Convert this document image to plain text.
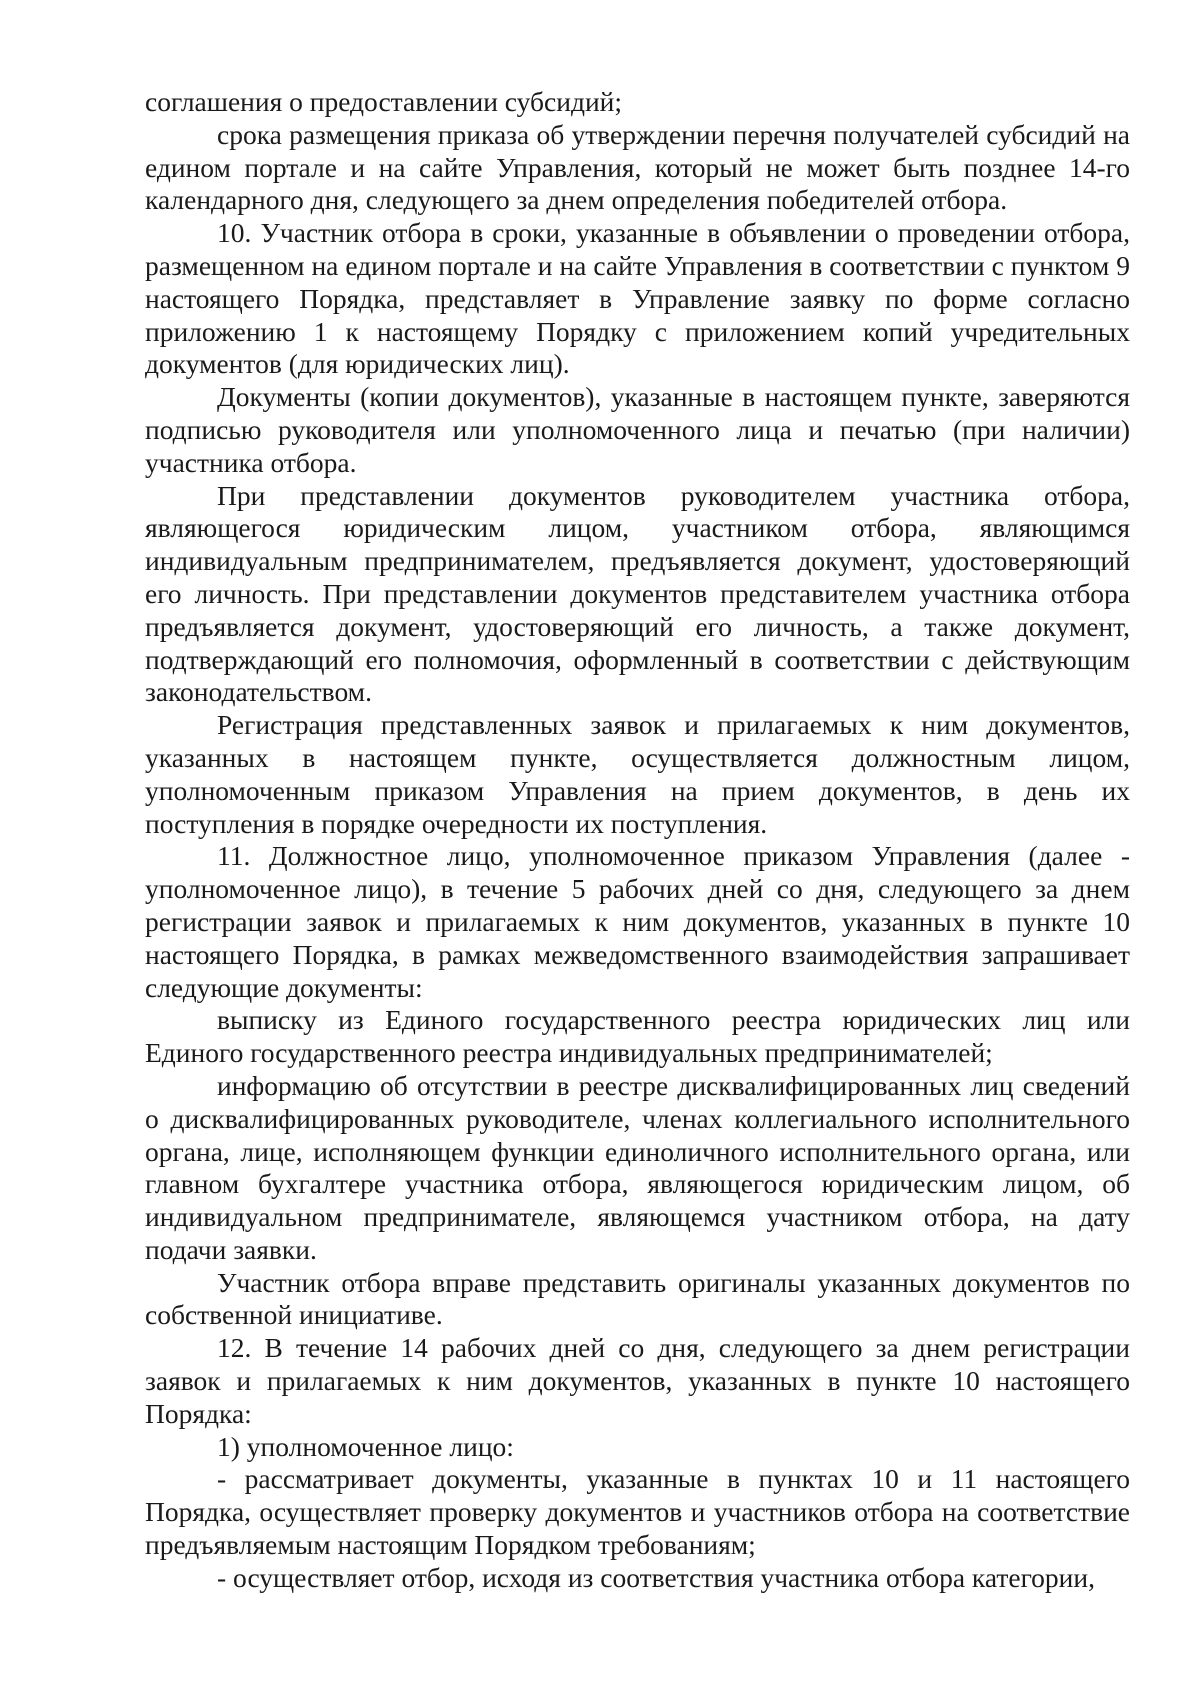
соглашения о предоставлении субсидий;

срока размещения приказа об утверждении перечня получателей субсидий на едином портале и на сайте Управления, который не может быть позднее 14-го календарного дня, следующего за днем определения победителей отбора.

10. Участник отбора в сроки, указанные в объявлении о проведении отбора, размещенном на едином портале и на сайте Управления в соответствии с пунктом 9 настоящего Порядка, представляет в Управление заявку по форме согласно приложению 1 к настоящему Порядку с приложением копий учредительных документов (для юридических лиц).

Документы (копии документов), указанные в настоящем пункте, заверяются подписью руководителя или уполномоченного лица и печатью (при наличии) участника отбора.

При представлении документов руководителем участника отбора, являющегося юридическим лицом, участником отбора, являющимся индивидуальным предпринимателем, предъявляется документ, удостоверяющий его личность. При представлении документов представителем участника отбора предъявляется документ, удостоверяющий его личность, а также документ, подтверждающий его полномочия, оформленный в соответствии с действующим законодательством.

Регистрация представленных заявок и прилагаемых к ним документов, указанных в настоящем пункте, осуществляется должностным лицом, уполномоченным приказом Управления на прием документов, в день их поступления в порядке очередности их поступления.

11. Должностное лицо, уполномоченное приказом Управления (далее - уполномоченное лицо), в течение 5 рабочих дней со дня, следующего за днем регистрации заявок и прилагаемых к ним документов, указанных в пункте 10 настоящего Порядка, в рамках межведомственного взаимодействия запрашивает следующие документы:

выписку из Единого государственного реестра юридических лиц или Единого государственного реестра индивидуальных предпринимателей;

информацию об отсутствии в реестре дисквалифицированных лиц сведений о дисквалифицированных руководителе, членах коллегиального исполнительного органа, лице, исполняющем функции единоличного исполнительного органа, или главном бухгалтере участника отбора, являющегося юридическим лицом, об индивидуальном предпринимателе, являющемся участником отбора, на дату подачи заявки.

Участник отбора вправе представить оригиналы указанных документов по собственной инициативе.

12. В течение 14 рабочих дней со дня, следующего за днем регистрации заявок и прилагаемых к ним документов, указанных в пункте 10 настоящего Порядка:

1) уполномоченное лицо:

- рассматривает документы, указанные в пунктах 10 и 11 настоящего Порядка, осуществляет проверку документов и участников отбора на соответствие предъявляемым настоящим Порядком требованиям;

- осуществляет отбор, исходя из соответствия участника отбора категории,
